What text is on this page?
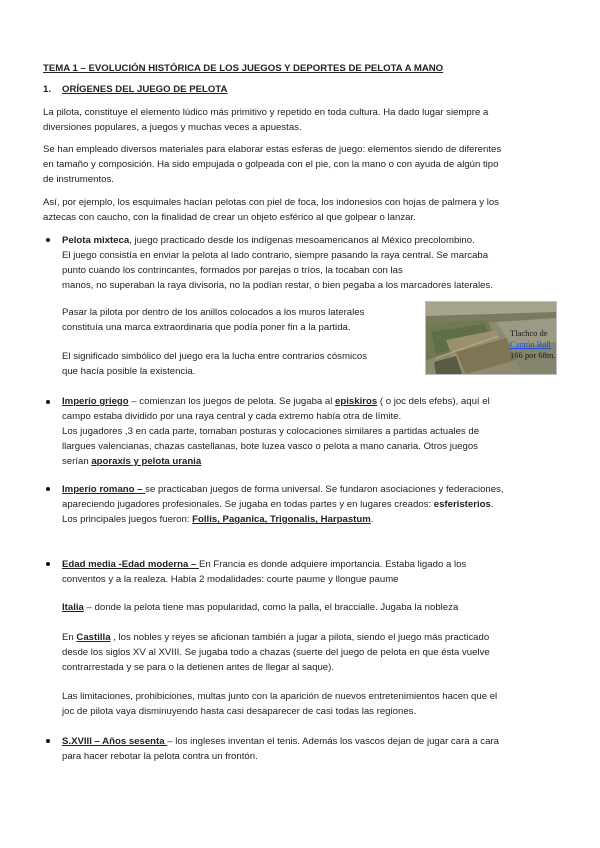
TEMA 1 – EVOLUCIÓN HISTÓRICA DE LOS JUEGOS Y DEPORTES DE PELOTA A MANO
1. ORÍGENES DEL JUEGO DE PELOTA
La pilota, constituye el elemento lúdico más primitivo y repetido en toda cultura. Ha dado lugar siempre a
diversiones populares, a juegos y muchas veces a apuestas.
Se han empleado diversos materiales para elaborar estas esferas de juego: elementos siendo de diferentes
en tamaño y composición. Ha sido empujada o golpeada con el pie, con la mano o con ayuda de algún tipo
de instrumentos.
Así, por ejemplo, los esquimales hacían pelotas con piel de foca, los indonesios con hojas de palmera y los
aztecas con caucho, con la finalidad de crear un objeto esférico al que golpear o lanzar.
Pelota mixteca, juego practicado desde los indígenas mesoamericanos al México precolombino.
El juego consistía en enviar la pelota al lado contrario, siempre pasando la raya central. Se marcaba
punto cuando los contrincantes, formados por parejas o tríos, la tocaban con las
manos, no superaban la raya divisoria, no la podían restar, o bien pegaba a los marcadores laterales.
Pasar la pilota por dentro de los anillos colocados a los muros laterales
constituía una marca extraordinaria que podía poner fin a la partida.
El significado simbólico del juego era la lucha entre contrarios cósmicos
que hacía posible la existencia.
Tlachco de
Cantón Ball
166 por 68m.
Imperio griego – comienzan los juegos de pelota. Se jugaba al episkiros ( o joc dels efebs), aquí el
campo estaba dividido por una raya central y cada extremo había otra de límite.
Los jugadores ,3 en cada parte, tomaban posturas y colocaciones similares a partidas actuales de
llargues valencianas, chazas castellanas, bote luzea vasco o pelota a mano canaria. Otros juegos
serían aporaxis y pelota urania
Imperio romano – se practicaban juegos de forma universal. Se fundaron asociaciones y federaciones,
apareciendo jugadores profesionales. Se jugaba en todas partes y en lugares creados: esferisterios.
Los principales juegos fueron: Follis, Paganica, Trigonalis, Harpastum.
Edad media -Edad moderna – En Francia es donde adquiere importancia. Estaba ligado a los
conventos y a la realeza. Había 2 modalidades: courte paume y llongue paume
Italia – donde la pelota tiene mas popularidad, como la palla, el braccialle. Jugaba la nobleza
En Castilla , los nobles y reyes se aficionan también a jugar a pilota, siendo el juego más practicado
desde los siglos XV al XVIII. Se jugaba todo a chazas (suerte del juego de pelota en que ésta vuelve
contrarrestada y se para o la detienen antes de llegar al saque).
Las limitaciones, prohibiciones, multas junto con la aparición de nuevos entretenimientos hacen que el
joc de pilota vaya disminuyendo hasta casi desaparecer de casi todas las regiones.
S.XVIII – Años sesenta – los ingleses inventan el tenis. Además los vascos dejan de jugar cara a cara
para hacer rebotar la pelota contra un frontón.
